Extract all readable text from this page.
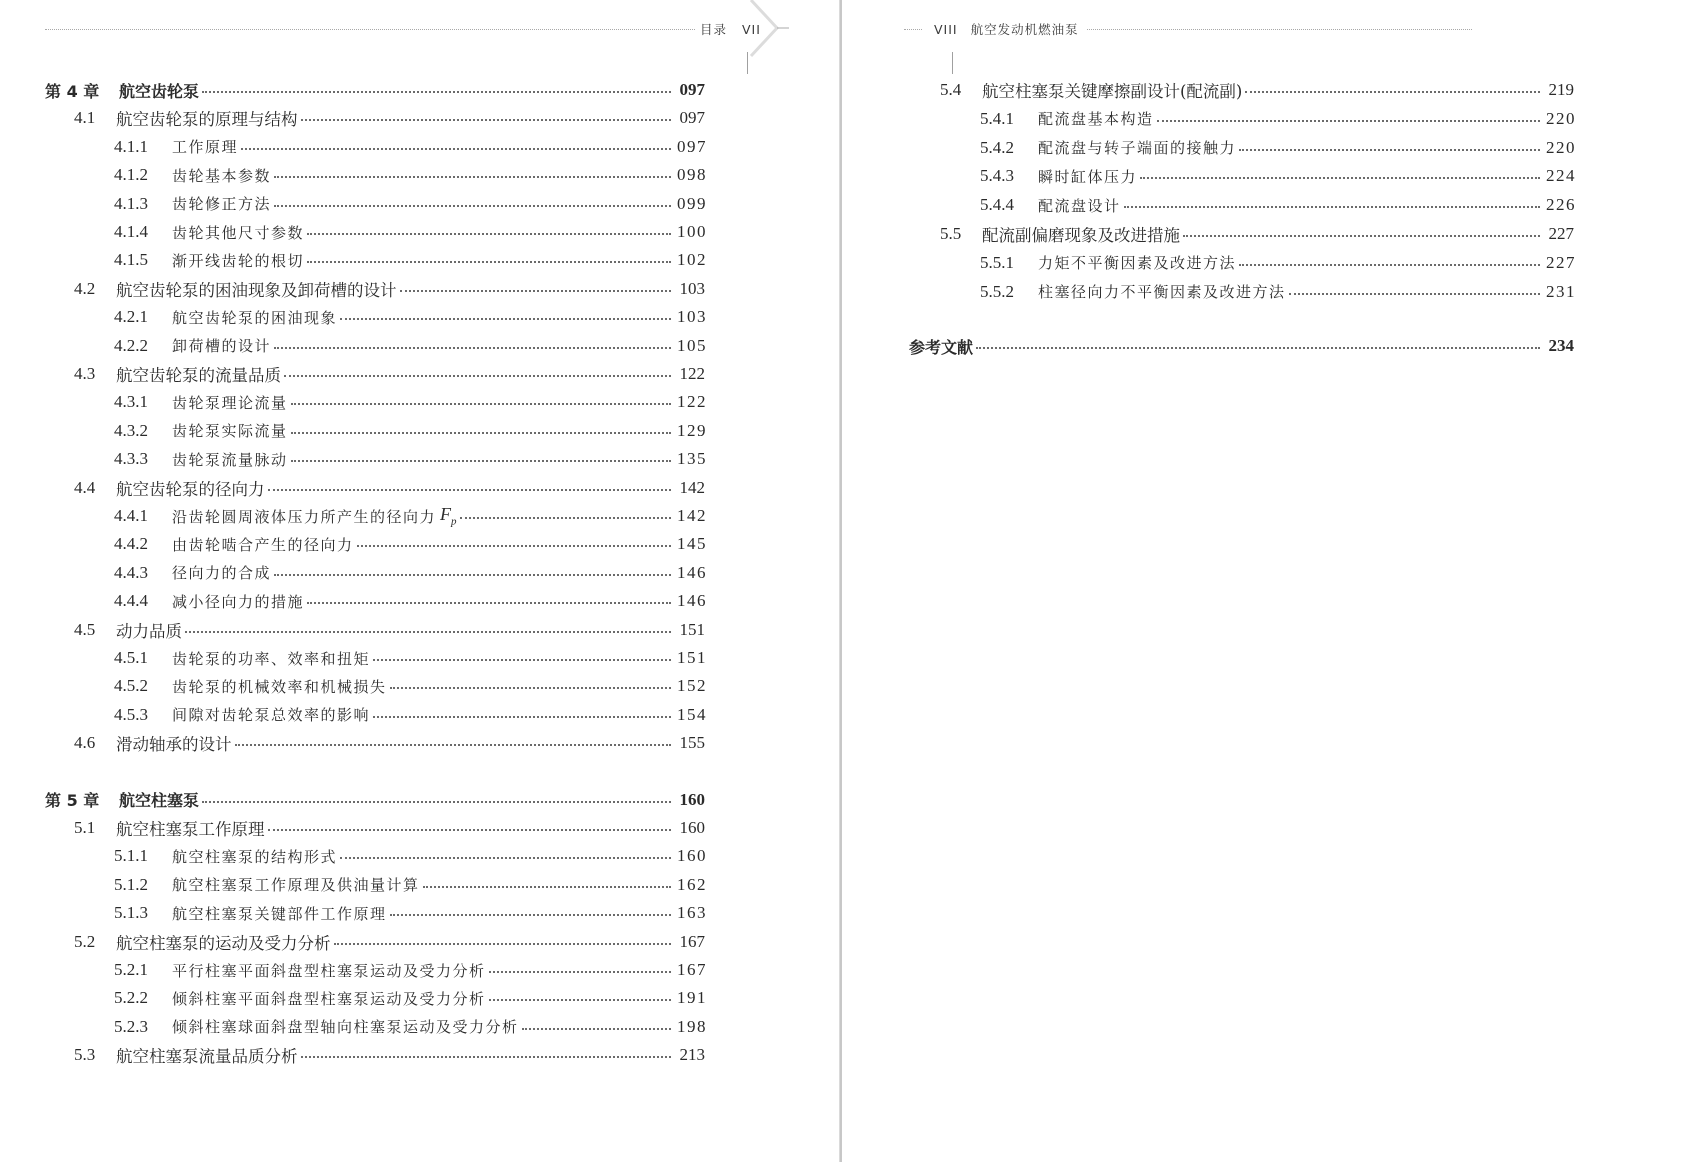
目录 VII
第 4 章	航空齿轮泵	097
4.1	航空齿轮泵的原理与结构	097
4.1.1	工作原理	097
4.1.2	齿轮基本参数	098
4.1.3	齿轮修正方法	099
4.1.4	齿轮其他尺寸参数	100
4.1.5	渐开线齿轮的根切	102
4.2	航空齿轮泵的困油现象及卸荷槽的设计	103
4.2.1	航空齿轮泵的困油现象	103
4.2.2	卸荷槽的设计	105
4.3	航空齿轮泵的流量品质	122
4.3.1	齿轮泵理论流量	122
4.3.2	齿轮泵实际流量	129
4.3.3	齿轮泵流量脉动	135
4.4	航空齿轮泵的径向力	142
4.4.1	沿齿轮圆周液体压力所产生的径向力 $F_p$	142
4.4.2	由齿轮啮合产生的径向力	145
4.4.3	径向力的合成	146
4.4.4	减小径向力的措施	146
4.5	动力品质	151
4.5.1	齿轮泵的功率、效率和扭矩	151
4.5.2	齿轮泵的机械效率和机械损失	152
4.5.3	间隙对齿轮泵总效率的影响	154
4.6	滑动轴承的设计	155
第 5 章	航空柱塞泵	160
5.1	航空柱塞泵工作原理	160
5.1.1	航空柱塞泵的结构形式	160
5.1.2	航空柱塞泵工作原理及供油量计算	162
5.1.3	航空柱塞泵关键部件工作原理	163
5.2	航空柱塞泵的运动及受力分析	167
5.2.1	平行柱塞平面斜盘型柱塞泵运动及受力分析	167
5.2.2	倾斜柱塞平面斜盘型柱塞泵运动及受力分析	191
5.2.3	倾斜柱塞球面斜盘型轴向柱塞泵运动及受力分析	198
5.3	航空柱塞泵流量品质分析	213
VIII 航空发动机燃油泵
5.4	航空柱塞泵关键摩擦副设计(配流副)	219
5.4.1	配流盘基本构造	220
5.4.2	配流盘与转子端面的接触力	220
5.4.3	瞬时缸体压力	224
5.4.4	配流盘设计	226
5.5	配流副偏磨现象及改进措施	227
5.5.1	力矩不平衡因素及改进方法	227
5.5.2	柱塞径向力不平衡因素及改进方法	231
参考文献	234
